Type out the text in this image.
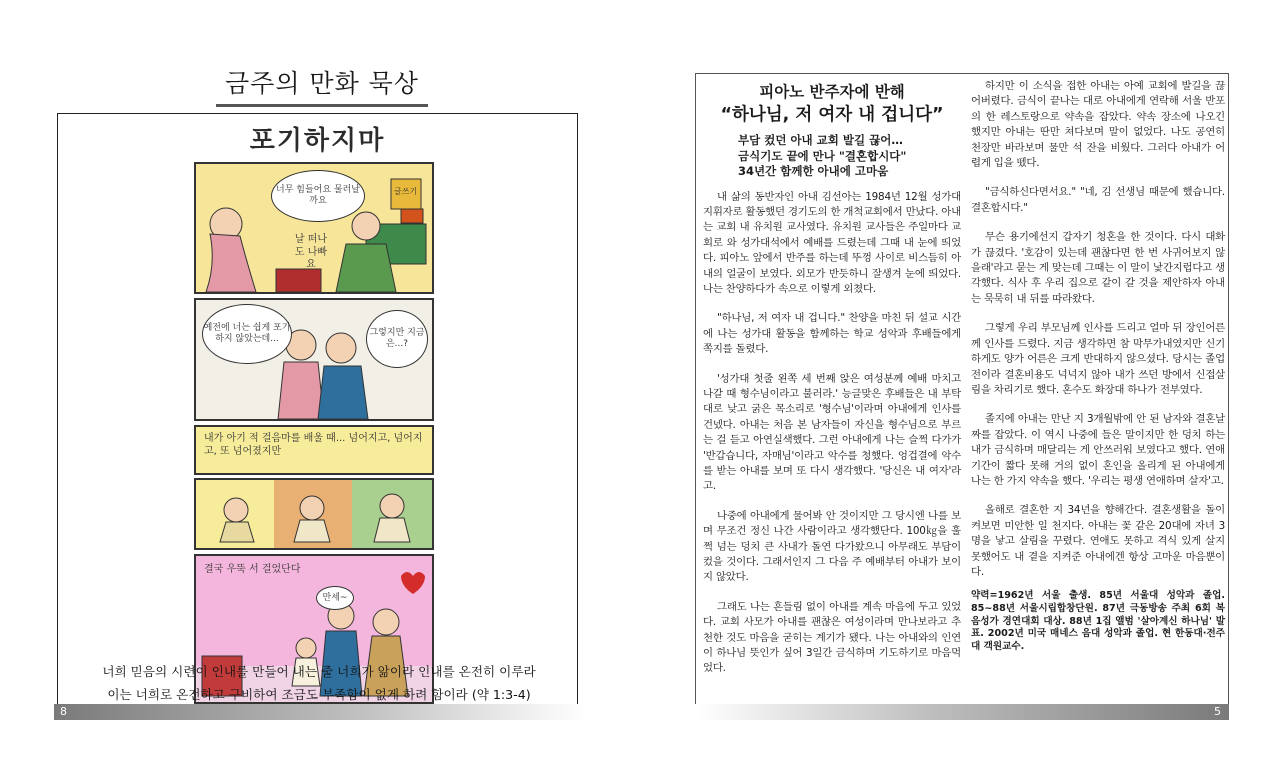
금주의 만화 묵상
포기하지마
너무 힘들어요 물러날까요
날 떠나도 나빠요
글쓰기
예전에 너는 쉽게 포기하지 않았는데...
그렇지만 지금은...?
내가 아기 적 걸음마를 배울 때... 넘어지고, 넘어지고, 또 넘어졌지만
결국 우뚝 서 걸었단다
만세~
너희 믿음의 시련이 인내를 만들어 내는 줄 너희가 앎이라 인내를 온전히 이루라
이는 너희로 온전하고 구비하여 조금도 부족함이 없게 하려 함이라 (약 1:3-4)
8
피아노 반주자에 반해
“하나님, 저 여자 내 겁니다”
부담 컸던 아내 교회 발길 끊어…
금식기도 끝에 만나 "결혼합시다"
34년간 함께한 아내에 고마움

내 삶의 동반자인 아내 김선아는 1984년 12월 성가대 지휘자로 활동했던 경기도의 한 개척교회에서 만났다. 아내는 교회 내 유치원 교사였다. 유치원 교사들은 주일마다 교회로 와 성가대석에서 예배를 드렸는데 그때 내 눈에 띄었다. 피아노 앞에서 반주를 하는데 뚜껑 사이로 비스듬히 아내의 얼굴이 보였다. 외모가 반듯하니 잘생겨 눈에 띄었다. 나는 찬양하다가 속으로 이렇게 외쳤다.

"하나님, 저 여자 내 겁니다." 찬양을 마친 뒤 설교 시간에 나는 성가대 활동을 함께하는 학교 성악과 후배들에게 쪽지를 돌렸다.

'성가대 첫줄 왼쪽 세 번째 앉은 여성분께 예배 마치고 나갈 때 형수님이라고 불러라.' 능글맞은 후배들은 내 부탁대로 낮고 굵은 목소리로 '형수님'이라며 아내에게 인사를 건넸다. 아내는 처음 본 남자들이 자신을 형수님으로 부르는 걸 듣고 아연실색했다. 그런 아내에게 나는 슬쩍 다가가 '반갑습니다, 자매님'이라고 악수를 청했다. 엉겁결에 악수를 받는 아내를 보며 또 다시 생각했다. '당신은 내 여자'라고.

나중에 아내에게 물어봐 안 것이지만 그 당시엔 나를 보며 무조건 정신 나간 사람이라고 생각했단다. 100㎏을 훌쩍 넘는 덩치 큰 사내가 돌연 다가왔으니 아무래도 부담이 컸을 것이다. 그래서인지 그 다음 주 예배부터 아내가 보이지 않았다.

그래도 나는 흔들림 없이 아내를 계속 마음에 두고 있었다. 교회 사모가 아내를 괜찮은 여성이라며 만나보라고 추천한 것도 마음을 굳히는 계기가 됐다. 나는 아내와의 인연이 하나님 뜻인가 싶어 3일간 금식하며 기도하기로 마음먹었다.

하지만 이 소식을 접한 아내는 아예 교회에 발길을 끊어버렸다. 금식이 끝나는 대로 아내에게 연락해 서울 반포의 한 레스토랑으로 약속을 잡았다. 약속 장소에 나오긴 했지만 아내는 딴만 쳐다보며 말이 없었다. 나도 공연히 천장만 바라보며 물만 석 잔을 비웠다. 그러다 아내가 어렵게 입을 뗐다.

"금식하신다면서요." "네, 김 선생님 때문에 했습니다. 결혼합시다."

무슨 용기에선지 갑자기 청혼을 한 것이다. 다시 대화가 끊겼다. '호감이 있는데 괜찮다면 한 번 사귀어보지 않을래'라고 묻는 게 맞는데 그때는 이 말이 낯간지럽다고 생각했다. 식사 후 우리 집으로 같이 갈 것을 제안하자 아내는 묵묵히 내 뒤를 따라왔다.

그렇게 우리 부모님께 인사를 드리고 얼마 뒤 장인어른께 인사를 드렸다. 지금 생각하면 참 막무가내였지만 신기하게도 양가 어른은 크게 반대하지 않으셨다. 당시는 졸업 전이라 결혼비용도 넉넉지 않아 내가 쓰던 방에서 신접살림을 차리기로 했다. 혼수도 화장대 하나가 전부였다.

졸지에 아내는 만난 지 3개월밖에 안 된 남자와 결혼날짜를 잡았다. 이 역시 나중에 들은 말이지만 한 덩치 하는 내가 금식하며 매달리는 게 안쓰러워 보였다고 했다. 연애기간이 짧다 못해 거의 없이 혼인을 올리게 된 아내에게 나는 한 가지 약속을 했다. '우리는 평생 연애하며 살자'고.

올해로 결혼한 지 34년을 향해간다. 결혼생활을 돌이켜보면 미안한 일 천지다. 아내는 꽃 같은 20대에 자녀 3명을 낳고 살림을 꾸렸다. 연애도 못하고 격식 있게 살지 못했어도 내 곁을 지켜준 아내에겐 항상 고마운 마음뿐이다.

약력=1962년 서울 출생. 85년 서울대 성악과 졸업. 85~88년 서울시립합창단원. 87년 극동방송 주최 6회 복음성가 경연대회 대상. 88년 1집 앨범 '살아계신 하나님' 발표. 2002년 미국 매네스 음대 성악과 졸업. 현 한동대·전주대 객원교수.

5
